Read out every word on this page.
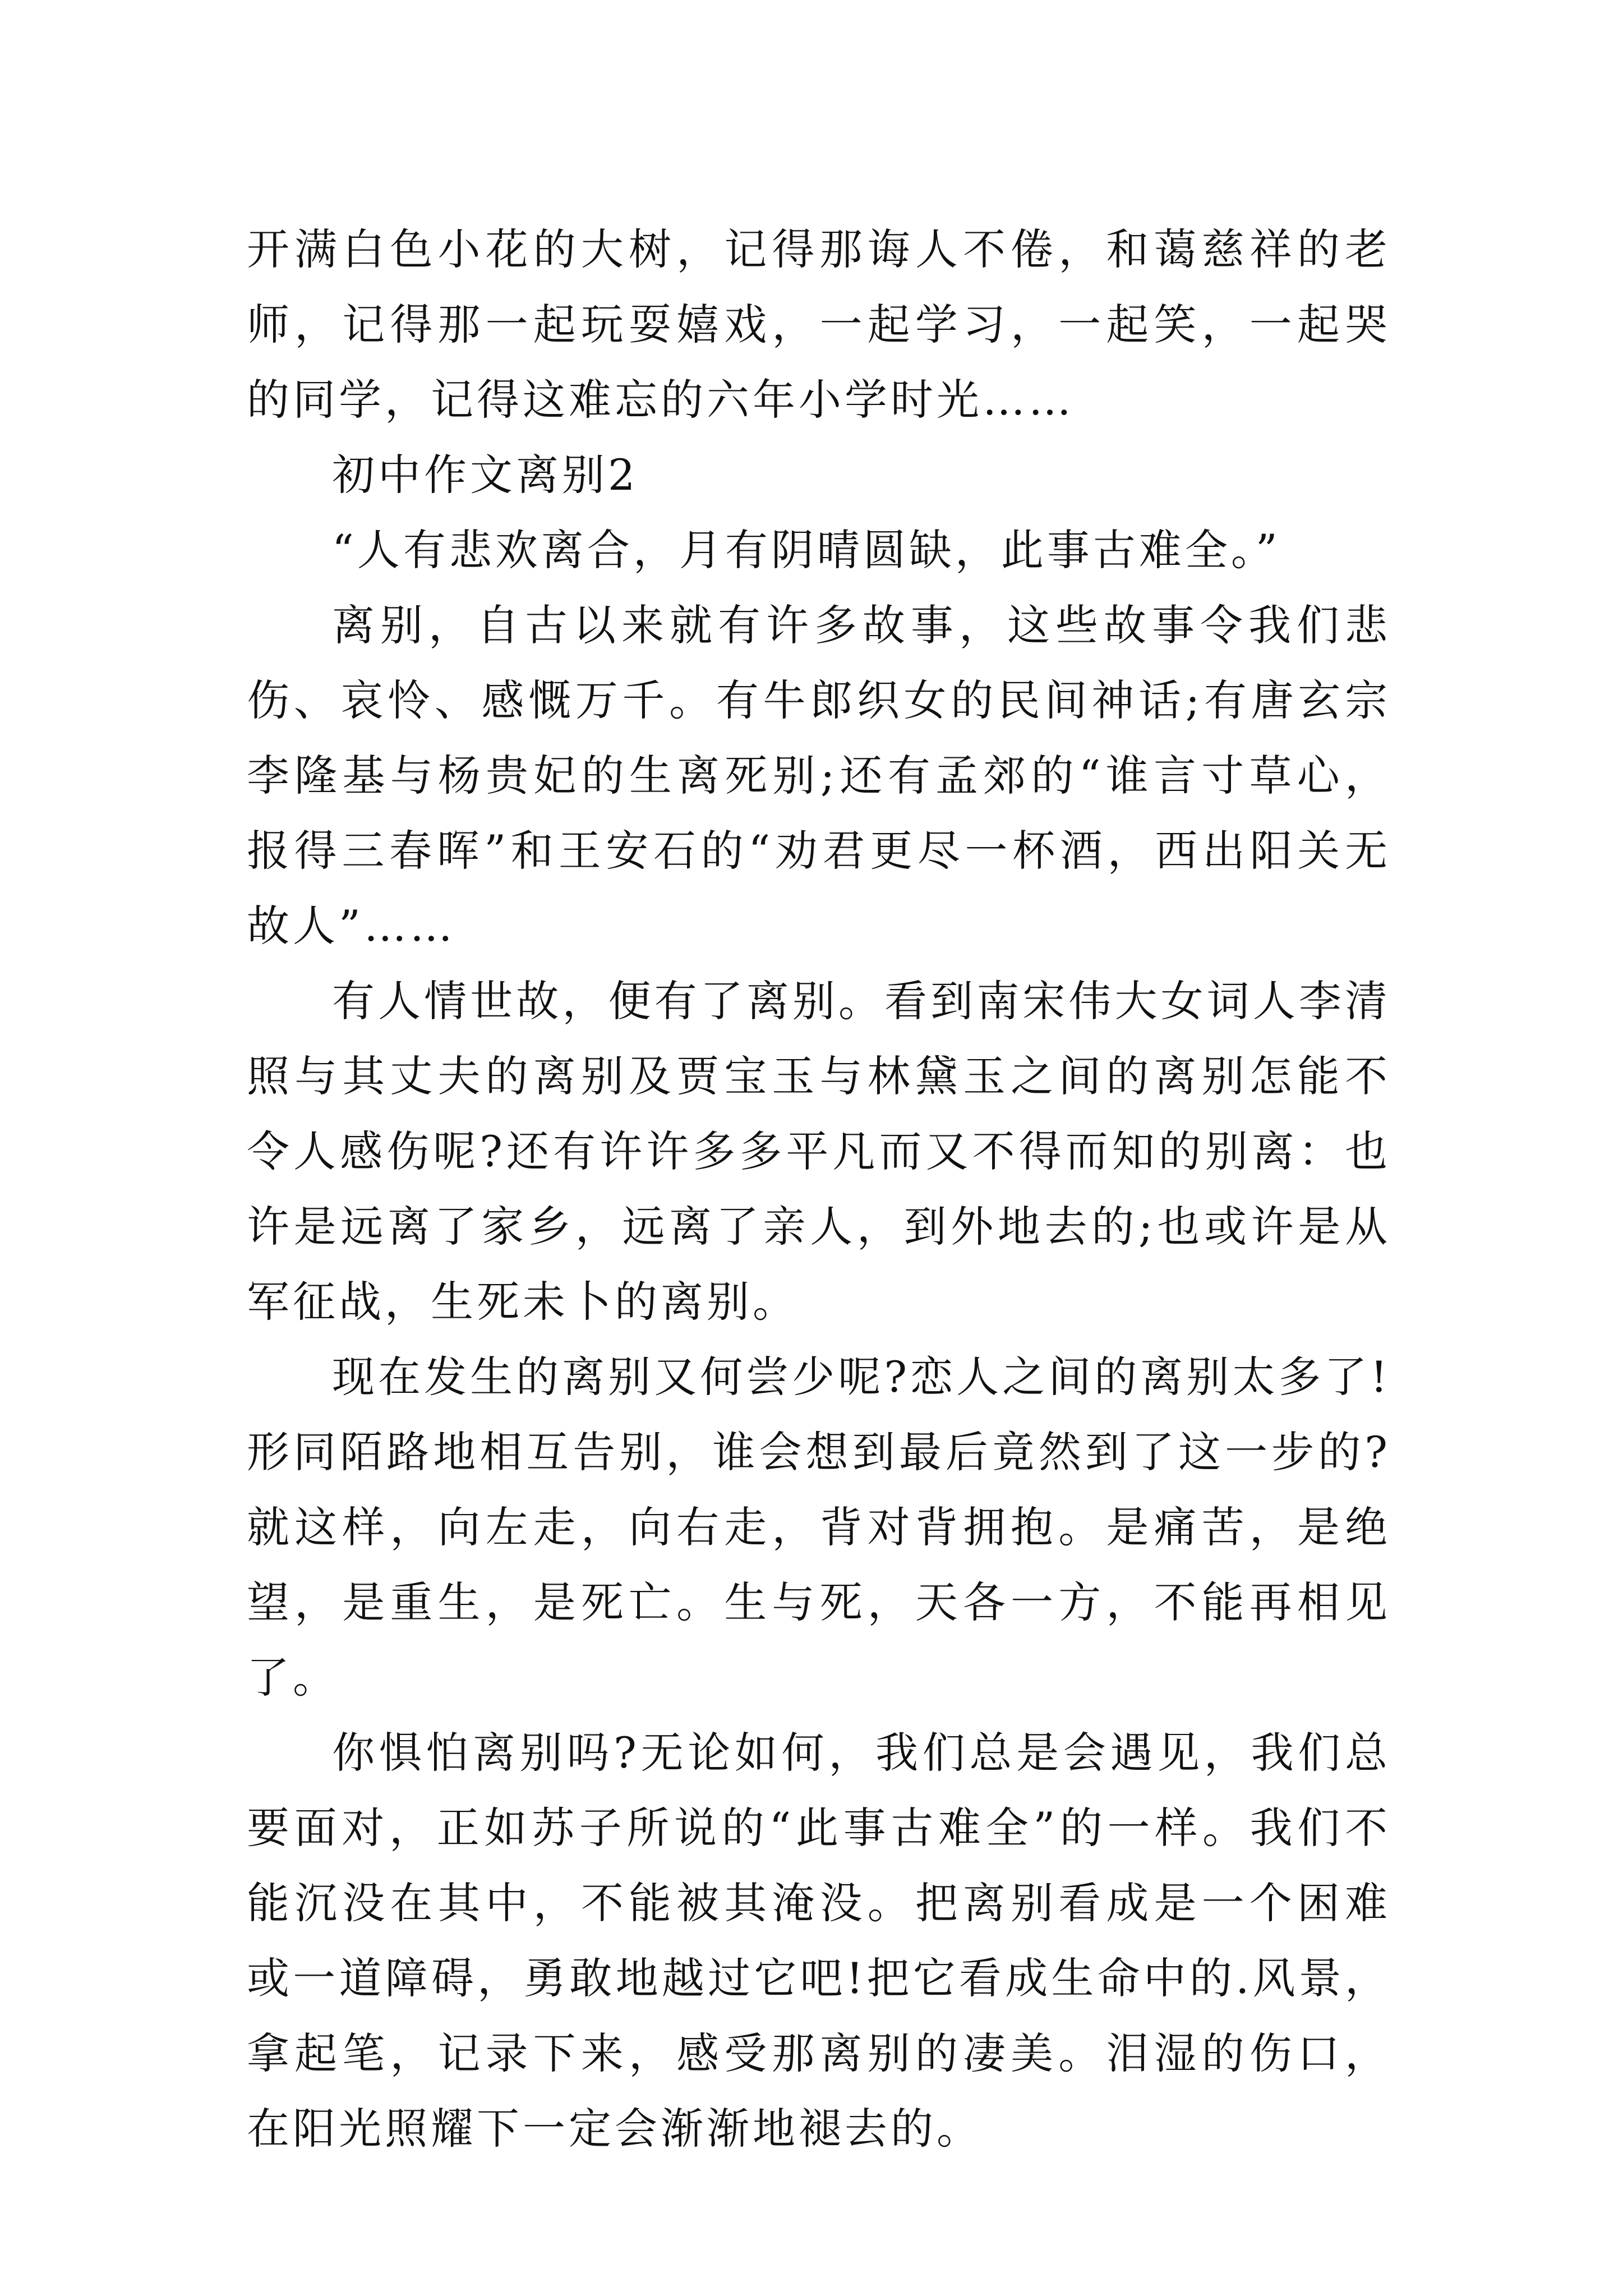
开满白色小花的大树，记得那诲人不倦，和蔼慈祥的老师，记得那一起玩耍嬉戏，一起学习，一起笑，一起哭的同学，记得这难忘的六年小学时光……

初中作文离别2

“人有悲欢离合，月有阴晴圆缺，此事古难全。”

离别，自古以来就有许多故事，这些故事令我们悲伤、哀怜、感慨万千。有牛郎织女的民间神话;有唐玄宗李隆基与杨贵妃的生离死别;还有孟郊的“谁言寸草心，报得三春晖”和王安石的“劝君更尽一杯酒，西出阳关无故人”……

有人情世故，便有了离别。看到南宋伟大女词人李清照与其丈夫的离别及贾宝玉与林黛玉之间的离别怎能不令人感伤呢?还有许许多多平凡而又不得而知的别离：也许是远离了家乡，远离了亲人，到外地去的;也或许是从军征战，生死未卜的离别。

现在发生的离别又何尝少呢?恋人之间的离别太多了!形同陌路地相互告别，谁会想到最后竟然到了这一步的?就这样，向左走，向右走，背对背拥抱。是痛苦，是绝望，是重生，是死亡。生与死，天各一方，不能再相见了。

你惧怕离别吗?无论如何，我们总是会遇见，我们总要面对，正如苏子所说的“此事古难全”的一样。我们不能沉没在其中，不能被其淹没。把离别看成是一个困难或一道障碍，勇敢地越过它吧!把它看成生命中的.风景，拿起笔，记录下来，感受那离别的凄美。泪湿的伤口，在阳光照耀下一定会渐渐地褪去的。
